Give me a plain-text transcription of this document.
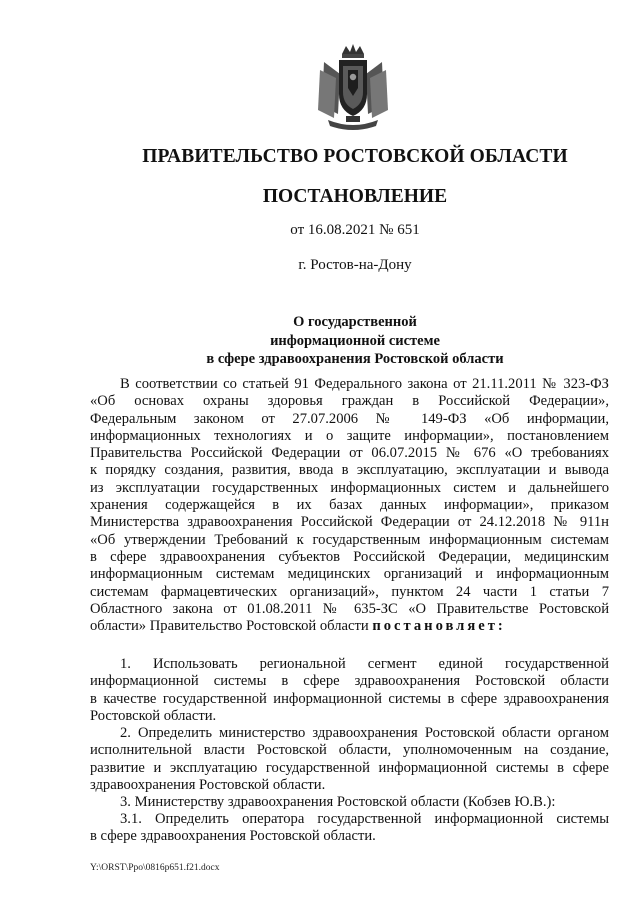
ПРАВИТЕЛЬСТВО РОСТОВСКОЙ ОБЛАСТИ
ПОСТАНОВЛЕНИЕ
от 16.08.2021 № 651
г. Ростов-на-Дону
О государственной
информационной системе
в сфере здравоохранения Ростовской области
В соответствии со статьей 91 Федерального закона от 21.11.2011 № 323-ФЗ
«Об основах охраны здоровья граждан в Российской Федерации»,
Федеральным законом от 27.07.2006 № 149-ФЗ «Об информации,
информационных технологиях и о защите информации», постановлением
Правительства Российской Федерации от 06.07.2015 № 676 «О требованиях
к порядку создания, развития, ввода в эксплуатацию, эксплуатации и вывода
из эксплуатации государственных информационных систем и дальнейшего
хранения содержащейся в их базах данных информации», приказом
Министерства здравоохранения Российской Федерации от 24.12.2018 № 911н
«Об утверждении Требований к государственным информационным системам
в сфере здравоохранения субъектов Российской Федерации, медицинским
информационным системам медицинских организаций и информационным
системам фармацевтических организаций», пунктом 24 части 1 статьи 7
Областного закона от 01.08.2011 № 635-ЗС «О Правительстве Ростовской
области» Правительство Ростовской области постановляет:
1. Использовать региональной сегмент единой государственной
информационной системы в сфере здравоохранения Ростовской области
в качестве государственной информационной системы в сфере здравоохранения
Ростовской области.
2. Определить министерство здравоохранения Ростовской области органом
исполнительной власти Ростовской области, уполномоченным на создание,
развитие и эксплуатацию государственной информационной системы в сфере
здравоохранения Ростовской области.
3. Министерству здравоохранения Ростовской области (Кобзев Ю.В.):
3.1. Определить оператора государственной информационной системы
в сфере здравоохранения Ростовской области.
Y:\ORST\Ppo\0816p651.f21.docx
